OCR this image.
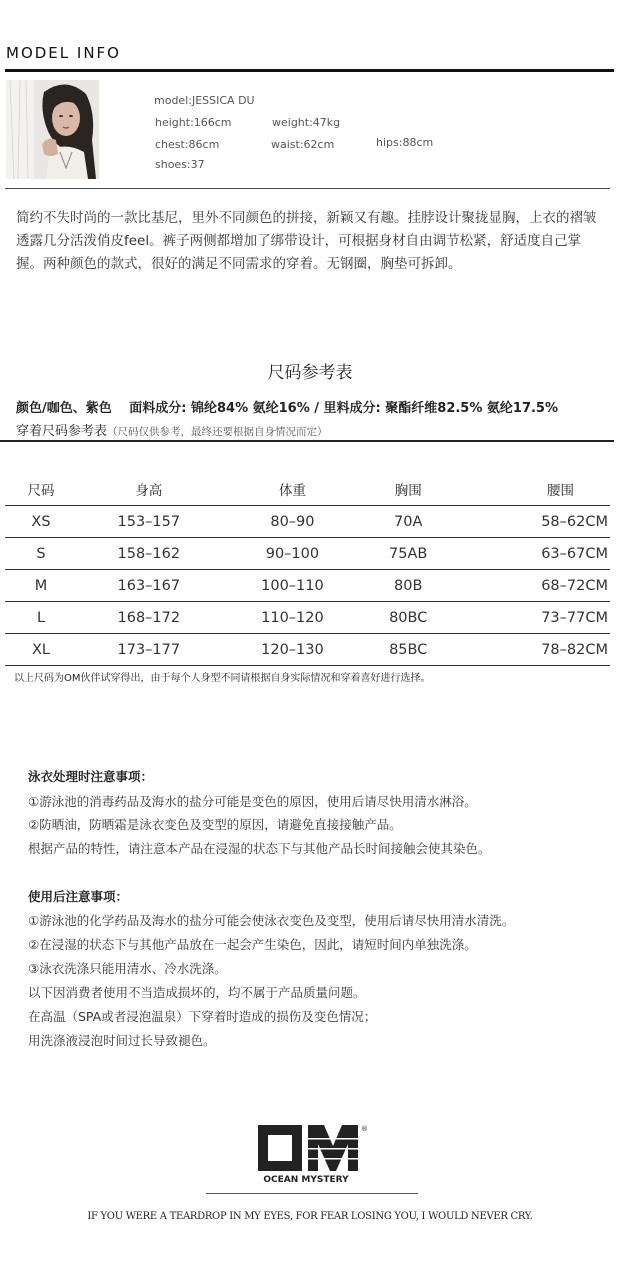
MODEL INFO
model:JESSICA DU
height:166cm	weight:47kg
chest:86cm	waist:62cm	hips:88cm
shoes:37
简约不失时尚的一款比基尼，里外不同颜色的拼接，新颖又有趣。挂脖设计聚拢显胸，上衣的褶皱透露几分活泼俏皮feel。裤子两侧都增加了绑带设计，可根据身材自由调节松紧，舒适度自己掌握。两种颜色的款式，很好的满足不同需求的穿着。无钢圈，胸垫可拆卸。
尺码参考表
颜色/咖色、紫色　 面料成分: 锦纶84% 氨纶16% / 里料成分: 聚酯纤维82.5% 氨纶17.5%
穿着尺码参考表（尺码仅供参考，最终还要根据自身情况而定）
尺码	身高	体重	胸围	腰围
XS	153–157	80–90	70A	58–62CM
S	158–162	90–100	75AB	63–67CM
M	163–167	100–110	80B	68–72CM
L	168–172	110–120	80BC	73–77CM
XL	173–177	120–130	85BC	78–82CM
以上尺码为OM伙伴试穿得出，由于每个人身型不同请根据自身实际情况和穿着喜好进行选择。
泳衣处理时注意事项：
①游泳池的消毒药品及海水的盐分可能是变色的原因，使用后请尽快用清水淋浴。
②防晒油，防晒霜是泳衣变色及变型的原因，请避免直接接触产品。
根据产品的特性，请注意本产品在浸湿的状态下与其他产品长时间接触会使其染色。
使用后注意事项：
①游泳池的化学药品及海水的盐分可能会使泳衣变色及变型，使用后请尽快用清水清洗。
②在浸湿的状态下与其他产品放在一起会产生染色，因此，请短时间内单独洗涤。
③泳衣洗涤只能用清水、冷水洗涤。
以下因消费者使用不当造成损坏的，均不属于产品质量问题。
在高温（SPA或者浸泡温泉）下穿着时造成的损伤及变色情况；
用洗涤液浸泡时间过长导致褪色。
®
OCEAN MYSTERY
IF YOU WERE A TEARDROP IN MY EYES, FOR FEAR LOSING YOU, I WOULD NEVER CRY.
